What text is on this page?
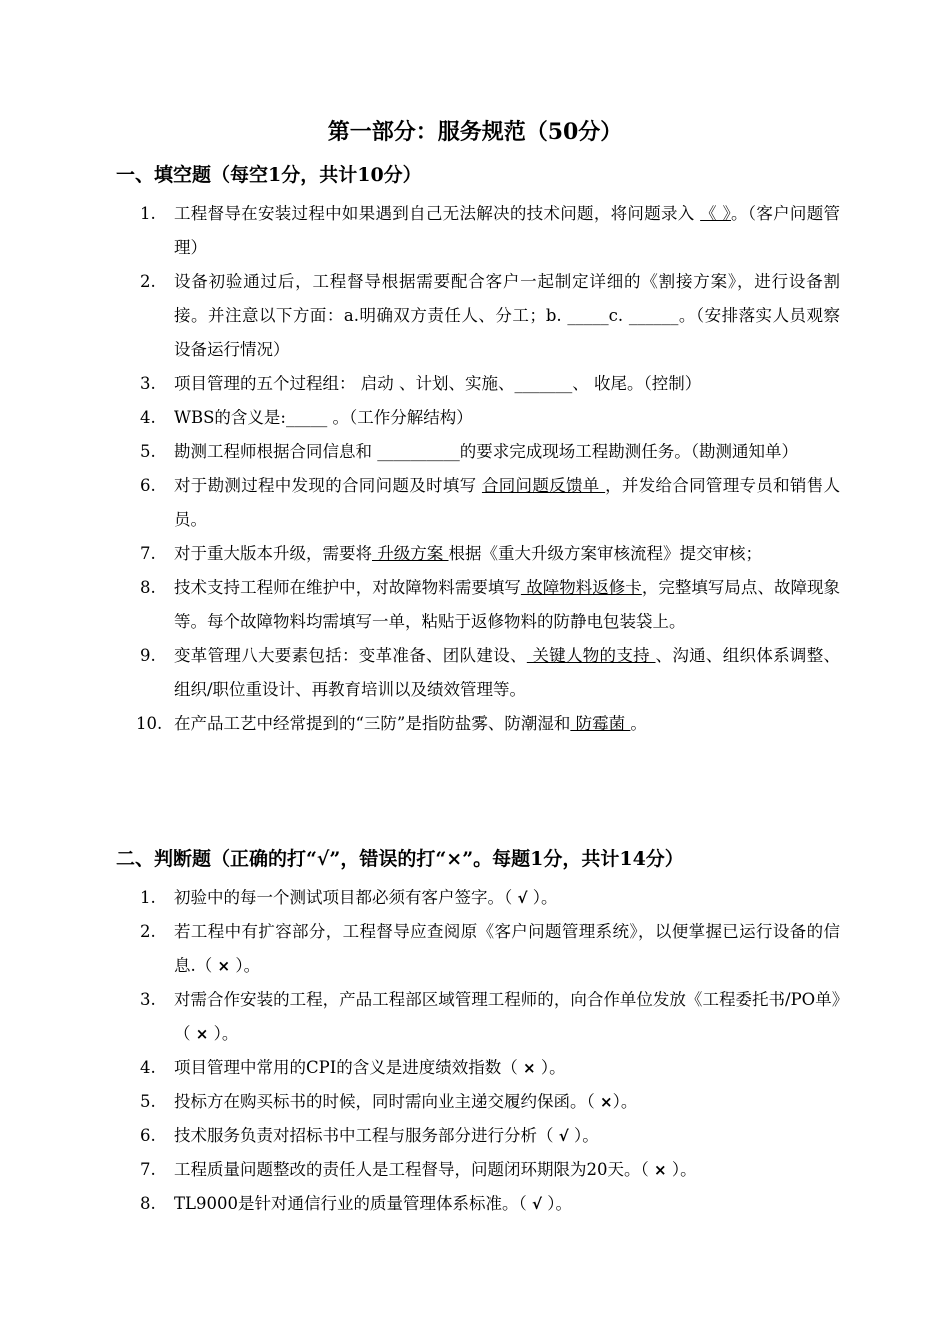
第一部分：服务规范（50分）
一、填空题（每空1分，共计10分）
1.	工程督导在安装过程中如果遇到自己无法解决的技术问题，将问题录入 《 》。（客户问题管理）
2.	设备初验通过后，工程督导根据需要配合客户一起制定详细的《割接方案》，进行设备割接。并注意以下方面：a.明确双方责任人、分工；b. _____c. ______。（安排落实人员观察设备运行情况）
3.	项目管理的五个过程组： 启动 、计划、实施、_______、 收尾。（控制）
4.	WBS的含义是:_____ 。（工作分解结构）
5.	勘测工程师根据合同信息和 __________的要求完成现场工程勘测任务。（勘测通知单）
6.	对于勘测过程中发现的合同问题及时填写 合同问题反馈单 ，并发给合同管理专员和销售人员。
7.	对于重大版本升级，需要将 升级方案 根据《重大升级方案审核流程》提交审核；
8.	技术支持工程师在维护中，对故障物料需要填写 故障物料返修卡，完整填写局点、故障现象等。每个故障物料均需填写一单，粘贴于返修物料的防静电包装袋上。
9.	变革管理八大要素包括：变革准备、团队建设、 关键人物的支持 、沟通、组织体系调整、组织/职位重设计、再教育培训以及绩效管理等。
10. 在产品工艺中经常提到的“三防”是指防盐雾、防潮湿和 防霉菌 。
二、判断题（正确的打“√”，错误的打“×”。每题1分，共计14分）
1.	初验中的每一个测试项目都必须有客户签字。（ √ ）。
2.	若工程中有扩容部分，工程督导应查阅原《客户问题管理系统》，以便掌握已运行设备的信息.（ × ）。
3.	对需合作安装的工程，产品工程部区域管理工程师的，向合作单位发放《工程委托书/PO单》（ × ）。
4.	项目管理中常用的CPI的含义是进度绩效指数（ × ）。
5.	投标方在购买标书的时候，同时需向业主递交履约保函。（ ×）。
6.	技术服务负责对招标书中工程与服务部分进行分析（ √ ）。
7.	工程质量问题整改的责任人是工程督导，问题闭环期限为20天。（ × ）。
8.	TL9000是针对通信行业的质量管理体系标准。（ √ ）。
